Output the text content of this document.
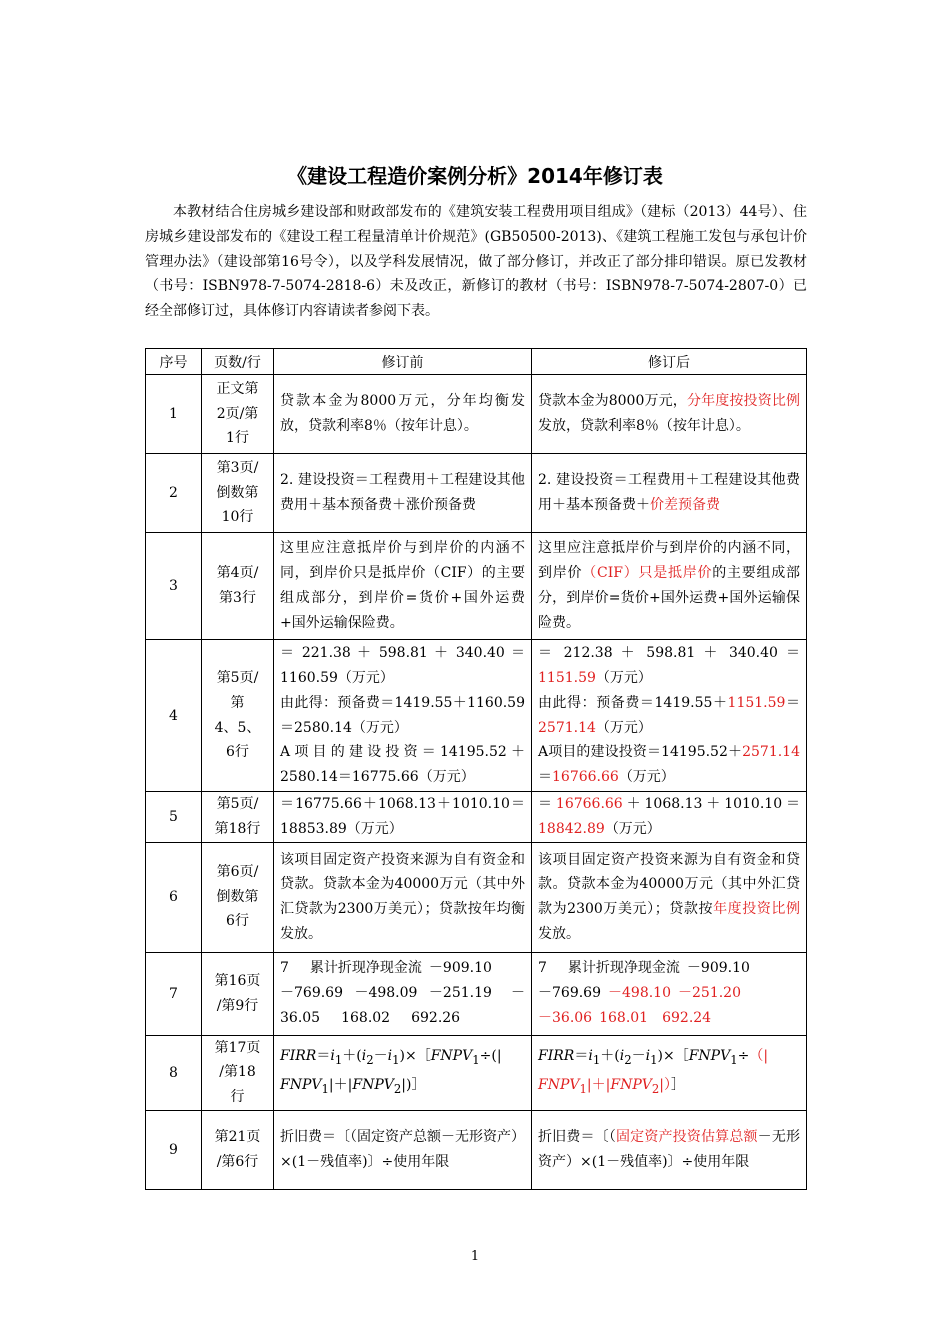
《建设工程造价案例分析》2014年修订表

本教材结合住房城乡建设部和财政部发布的《建筑安装工程费用项目组成》（建标（2013）44号）、住房城乡建设部发布的《建设工程工程量清单计价规范》(GB50500-2013)、《建筑工程施工发包与承包计价管理办法》（建设部第16号令），以及学科发展情况，做了部分修订，并改正了部分排印错误。原已发教材（书号：ISBN978-7-5074-2818-6）未及改正，新修订的教材（书号：ISBN978-7-5074-2807-0）已经全部修订过，具体修订内容请读者参阅下表。

序号	页数/行	修订前	修订后
1	正文第
2页/第
1行	贷款本金为8000万元，分年均衡发放，贷款利率8％（按年计息）。	贷款本金为8000万元，分年度按投资比例发放，贷款利率8％（按年计息）。
2	第3页/
倒数第
10行	2. 建设投资＝工程费用＋工程建设其他费用＋基本预备费＋涨价预备费	2. 建设投资＝工程费用＋工程建设其他费用＋基本预备费＋价差预备费
3	第4页/
第3行	这里应注意抵岸价与到岸价的内涵不同，到岸价只是抵岸价（CIF）的主要组成部分，到岸价=货价+国外运费+国外运输保险费。	这里应注意抵岸价与到岸价的内涵不同，到岸价（CIF）只是抵岸价的主要组成部分，到岸价=货价+国外运费+国外运输保险费。
4	第5页/
第
4、5、
6行	＝ 221.38 ＋ 598.81 ＋ 340.40 ＝1160.59（万元）
由此得：预备费＝1419.55＋1160.59＝2580.14（万元）
A项目的建设投资＝14195.52＋2580.14＝16775.66（万元）	＝ 212.38 ＋ 598.81 ＋ 340.40 ＝1151.59（万元）
由此得：预备费＝1419.55＋1151.59＝2571.14（万元）
A项目的建设投资＝14195.52＋2571.14＝16766.66（万元）
5	第5页/
第18行	＝16775.66＋1068.13＋1010.10＝18853.89（万元）	＝16766.66＋1068.13＋1010.10＝18842.89（万元）
6	第6页/
倒数第
6行	该项目固定资产投资来源为自有资金和贷款。贷款本金为40000万元（其中外汇贷款为2300万美元）；贷款按年均衡发放。	该项目固定资产投资来源为自有资金和贷款。贷款本金为40000万元（其中外汇贷款为2300万美元）；贷款按年度投资比例发放。
7	第16页
/第9行	7   累计折现净现金流  －909.10
－769.69  －498.09  －251.19 －

36.05   168.02   692.26	7   累计折现净现金流  －909.10
－769.69  －498.10  －251.20
－36.06  168.01  692.24
8	第17页
/第18
行	$FIRR=i_1+(i_2-i_1)\times[FNPV_1\div(|$
$FNPV_1|+|FNPV_2|)]$	$FIRR=i_1+(i_2-i_1)\times[FNPV_1\div(|$
$FNPV_1|+|FNPV_2|)]$
9	第21页
/第6行	折旧费＝〔（固定资产总额－无形资产）×(1－残值率)〕÷使用年限	折旧费＝〔（固定资产投资估算总额－无形资产）×(1－残值率)〕÷使用年限
1
